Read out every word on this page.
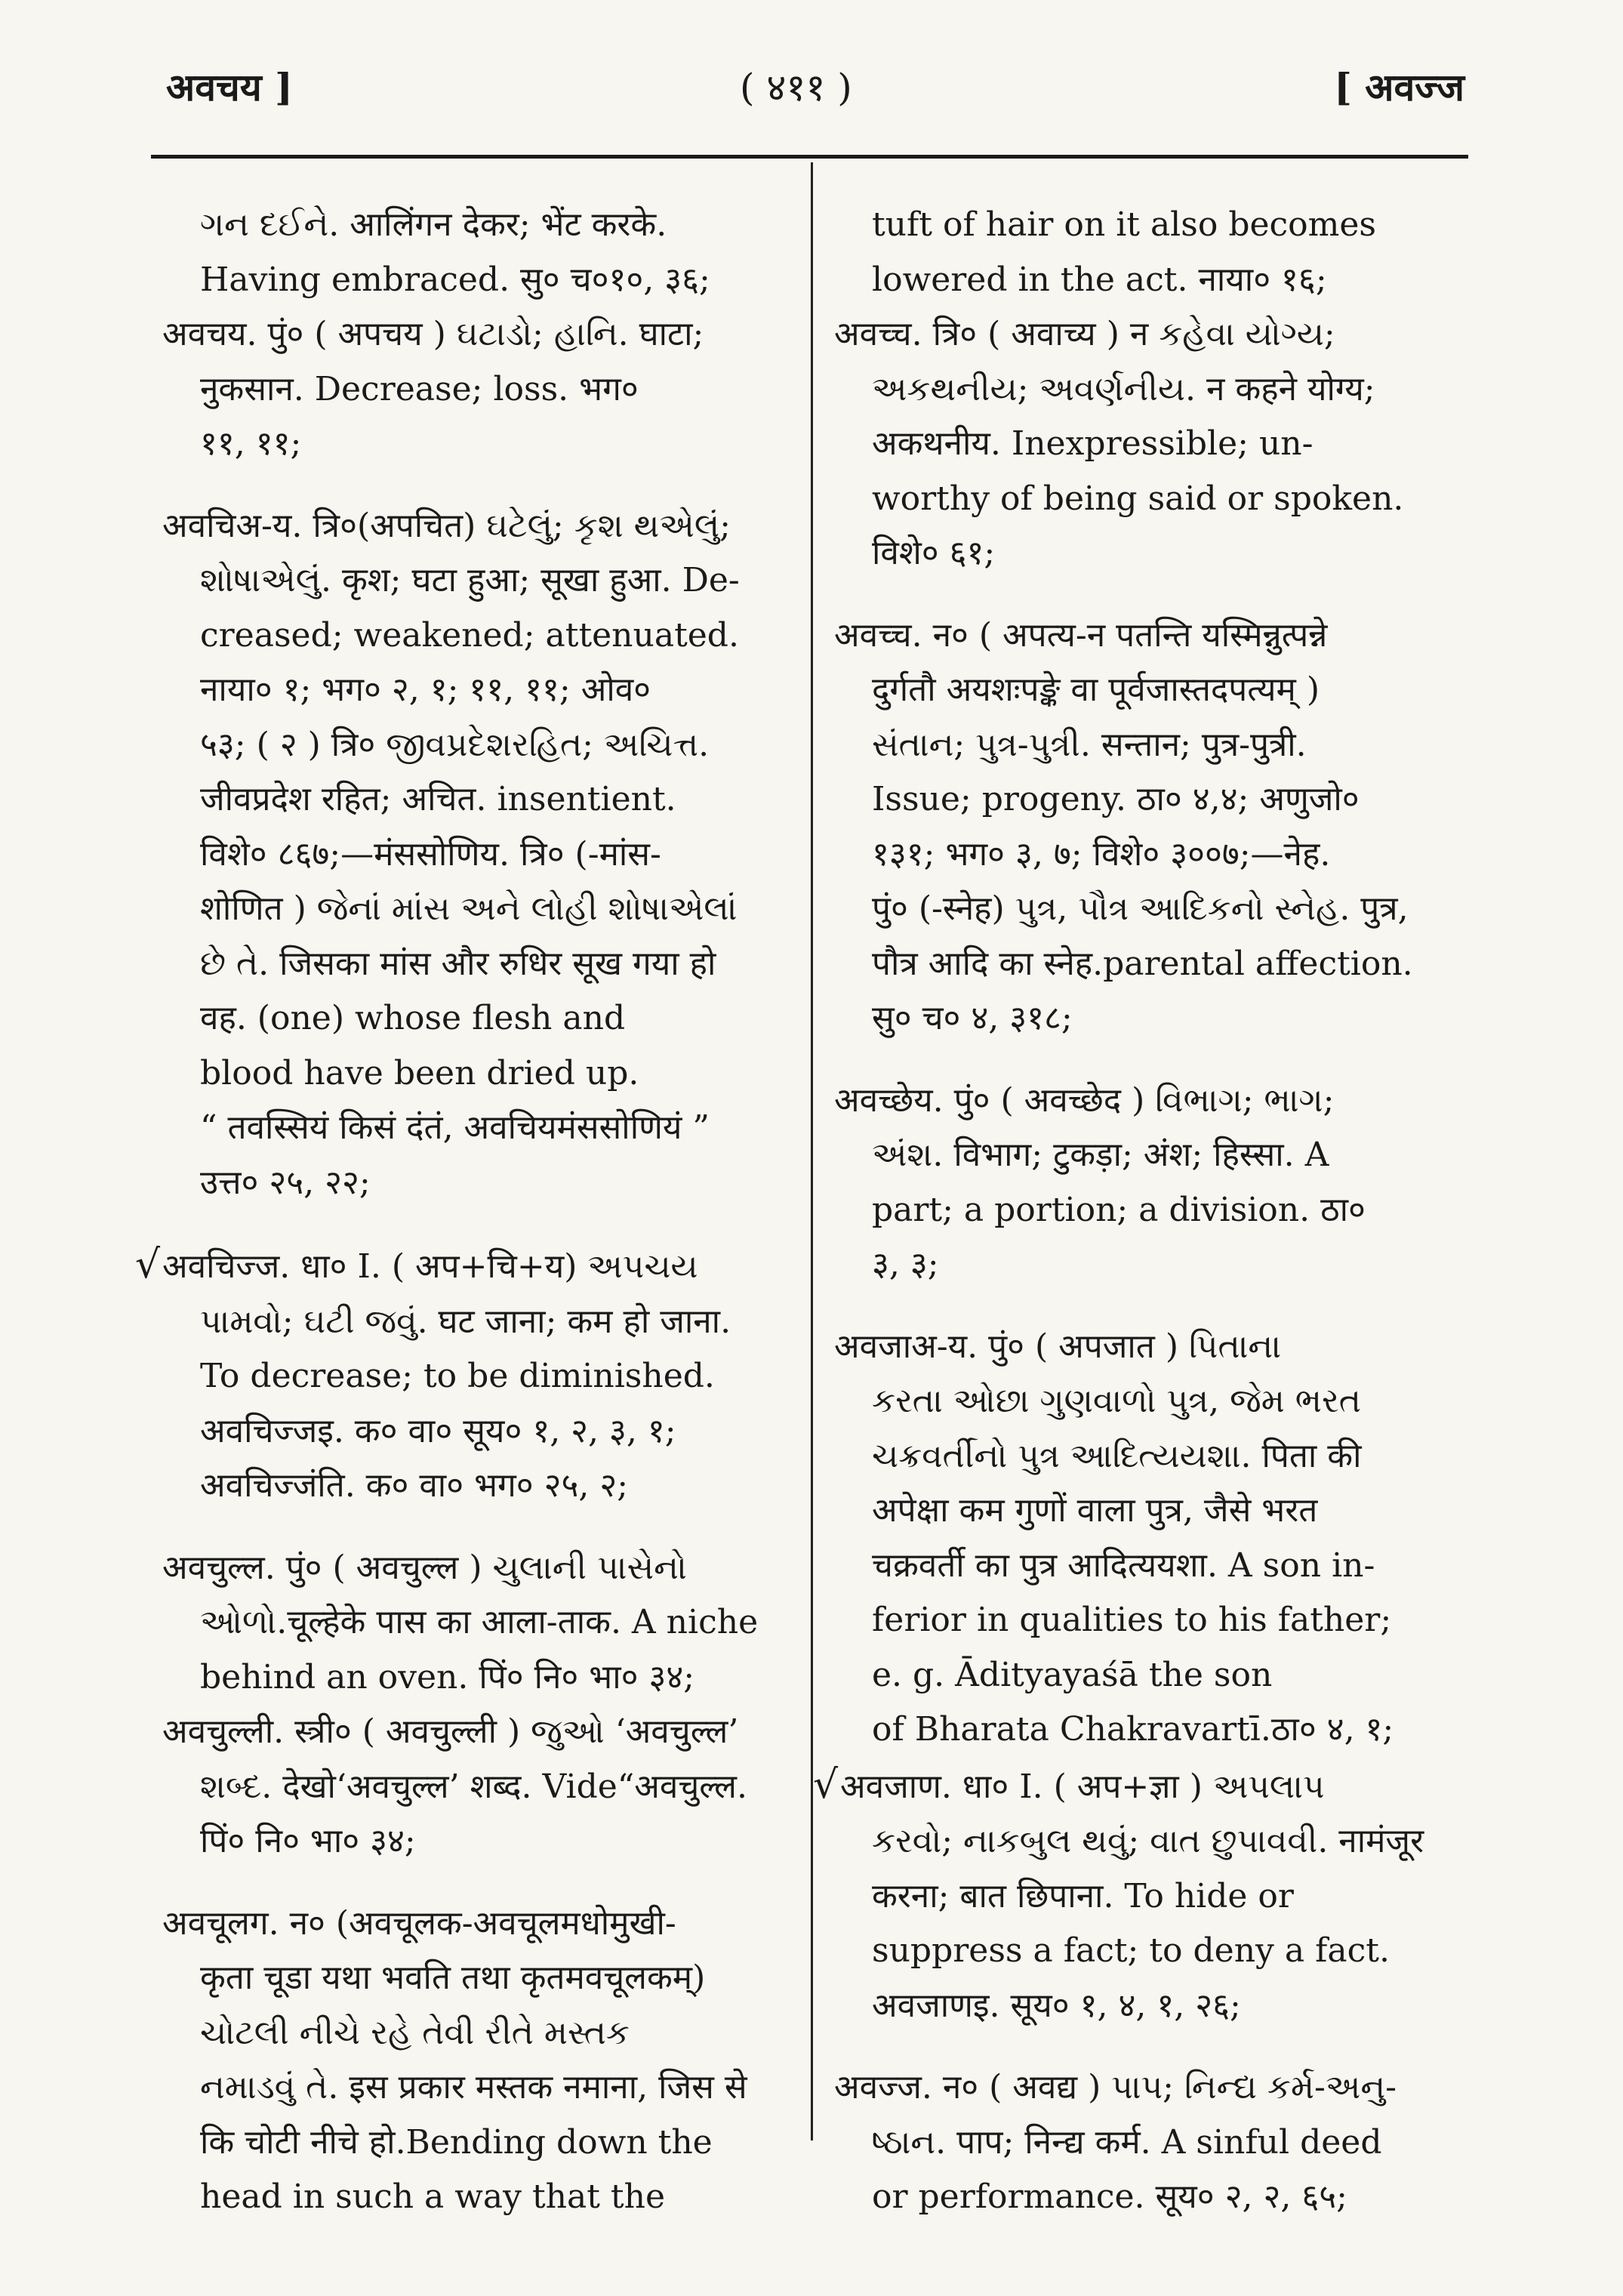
अवचय ]	( ४११ )	[ अवज्ज
ગન દઈને. आलिंगन देकर; भेंट करके.
Having embraced. सु० च०१०, ३६;
अवचय. पुं० ( अपचय ) ઘટાડો; હાનિ. घाटा;
नुकसान. Decrease; loss. भग०
११, ११;
अवचिअ-य. त्रि०(अपचित) ઘટેલું; કૃશ થએલું;
શોષાએલું. कृश; घटा हुआ; सूखा हुआ. De-
creased; weakened; attenuated.
नाया० १; भग० २, १; ११, ११; ओव०
५३; ( २ ) त्रि० જીવપ્રદેશરહિત; અચિત્ત.
जीवप्रदेश रहित; अचित. insentient.
विशे० ८६७;—मंससोणिय. त्रि० (-मांस-
शोणित ) જેનાં માંસ અને લોહી શોષાએલાં
છે તે. जिसका मांस और रुधिर सूख गया हो
वह. (one) whose flesh and
blood have been dried up.
“ तवस्सियं किसं दंतं, अवचियमंससोणियं ”
उत्त० २५, २२;
√अवचिज्ज. धा० I. ( अप+चि+य) અપચય
પામવો; ઘટી જવું. घट जाना; कम हो जाना.
To decrease; to be diminished.
अवचिज्जइ. क० वा० सूय० १, २, ३, १;
अवचिज्जंति. क० वा० भग० २५, २;
अवचुल्ल. पुं० ( अवचुल्ल ) ચુલાની પાસેનો
ઓળો.चूल्हेके पास का आला-ताक. A niche
behind an oven. पिं० नि० भा० ३४;
अवचुल्ली. स्त्री० ( अवचुल्ली ) જુઓ ‘अवचुल्ल’
શબ્દ. देखो‘अवचुल्ल’ शब्द. Vide“अवचुल्ल.
पिं० नि० भा० ३४;
अवचूलग. न० (अवचूलक-अवचूलमधोमुखी-
कृता चूडा यथा भवति तथा कृतमवचूलकम्)
ચોટલી નીચે રહે તેવી રીતે મસ્તક
નમાડવું તે. इस प्रकार मस्तक नमाना, जिस से
कि चोटी नीचे हो.Bending down the
head in such a way that the
tuft of hair on it also becomes
lowered in the act. नाया० १६;
अवच्च. त्रि० ( अवाच्य ) न કહેવા યોગ્ય;
અકથનીય; અવર્ણનીય. न कहने योग्य;
अकथनीय. Inexpressible; un-
worthy of being said or spoken.
विशे० ६१;
अवच्च. न० ( अपत्य-न पतन्ति यस्मिन्नुत्पन्ने
दुर्गतौ अयशःपङ्के वा पूर्वजास्तदपत्यम् )
સંતાન; પુત્ર-પુત્રી. सन्तान; पुत्र-पुत्री.
Issue; progeny. ठा० ४,४; अणुजो०
१३१; भग० ३, ७; विशे० ३००७;—नेह.
पुं० (-स्नेह) પુત્ર, પૌત્ર આદિકનો સ્નેહ. पुत्र,
पौत्र आदि का स्नेह.parental affection.
सु० च० ४, ३१८;
अवच्छेय. पुं० ( अवच्छेद ) વિભાગ; ભાગ;
અંશ. विभाग; टुकड़ा; अंश; हिस्सा. A
part; a portion; a division. ठा०
३, ३;
अवजाअ-य. पुं० ( अपजात ) પિતાના
કરતા ઓછા ગુણવાળો પુત્ર, જેમ ભરત
ચક્રવર્તીનો પુત્ર આદિત્યયશા. पिता की
अपेक्षा कम गुणों वाला पुत्र, जैसे भरत
चक्रवर्ती का पुत्र आदित्ययशा. A son in-
ferior in qualities to his father;
e. g. Ādityayaśā the son
of Bharata Chakravartī.ठा० ४, १;
√अवजाण. धा० I. ( अप+ज्ञा ) અપલાપ
કરવો; નાકબુલ થવું; વાત છુપાવવી. नामंजूर
करना; बात छिपाना. To hide or
suppress a fact; to deny a fact.
अवजाणइ. सूय० १, ४, १, २६;
अवज्ज. न० ( अवद्य ) પાપ; નિન્દ્ય કર્મ-અનુ-
ષ્ઠાન. पाप; निन्द्य कर्म. A sinful deed
or performance. सूय० २, २, ६५;
